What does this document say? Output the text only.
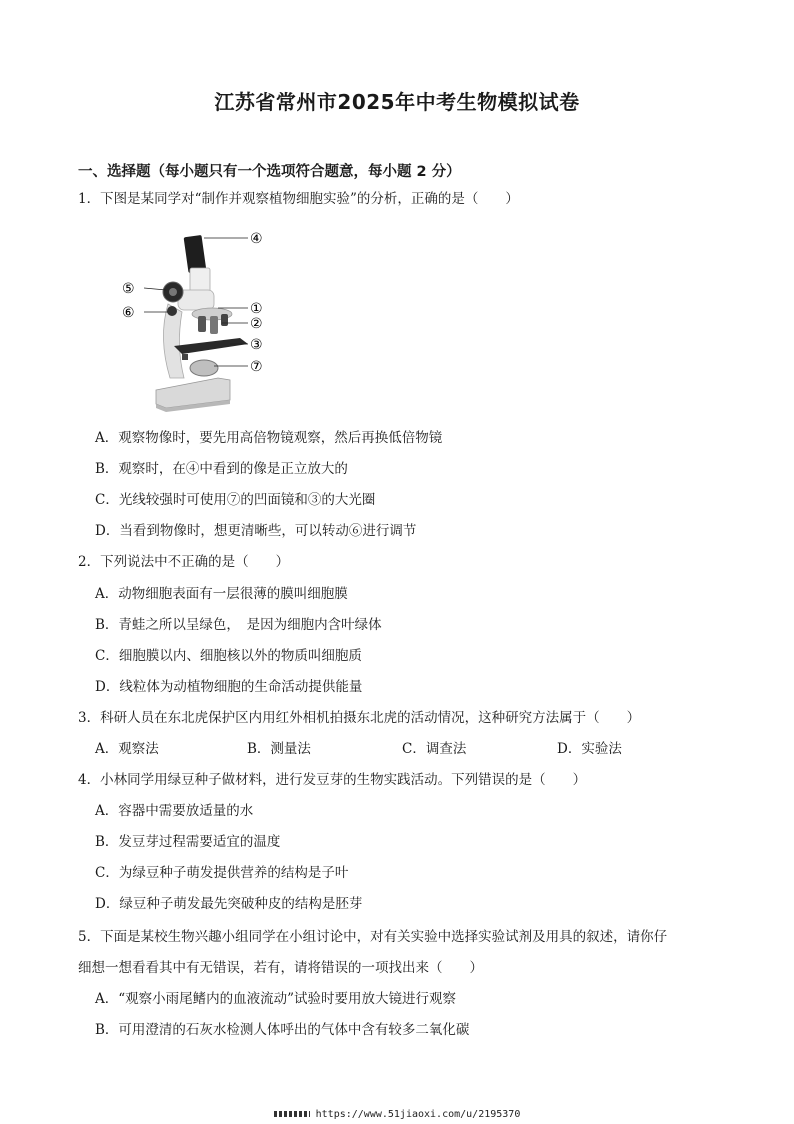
江苏省常州市2025年中考生物模拟试卷
一、选择题（每小题只有一个选项符合题意，每小题 2 分）
1．下图是某同学对“制作并观察植物细胞实验”的分析，正确的是（　　）
④
⑤
⑥	①
②
③
⑦
A．观察物像时，要先用高倍物镜观察，然后再换低倍物镜
B．观察时，在④中看到的像是正立放大的
C．光线较强时可使用⑦的凹面镜和③的大光圈
D．当看到物像时，想更清晰些，可以转动⑥进行调节
2．下列说法中不正确的是（　　）
A．动物细胞表面有一层很薄的膜叫细胞膜
B．青蛙之所以呈绿色，　是因为细胞内含叶绿体
C．细胞膜以内、细胞核以外的物质叫细胞质
D．线粒体为动植物细胞的生命活动提供能量
3．科研人员在东北虎保护区内用红外相机拍摄东北虎的活动情况，这种研究方法属于（　　）
A．观察法	B．测量法	C．调查法	D．实验法
4．小林同学用绿豆种子做材料，进行发豆芽的生物实践活动。下列错误的是（　　）
A．容器中需要放适量的水
B．发豆芽过程需要适宜的温度
C．为绿豆种子萌发提供营养的结构是子叶
D．绿豆种子萌发最先突破种皮的结构是胚芽
5．下面是某校生物兴趣小组同学在小组讨论中，对有关实验中选择实验试剂及用具的叙述，请你仔
细想一想看看其中有无错误，若有，请将错误的一项找出来（　　）
A．“观察小雨尾鳍内的血液流动”试验时要用放大镜进行观察
B．可用澄清的石灰水检测人体呼出的气体中含有较多二氧化碳
https://www.51jiaoxi.com/u/2195370
